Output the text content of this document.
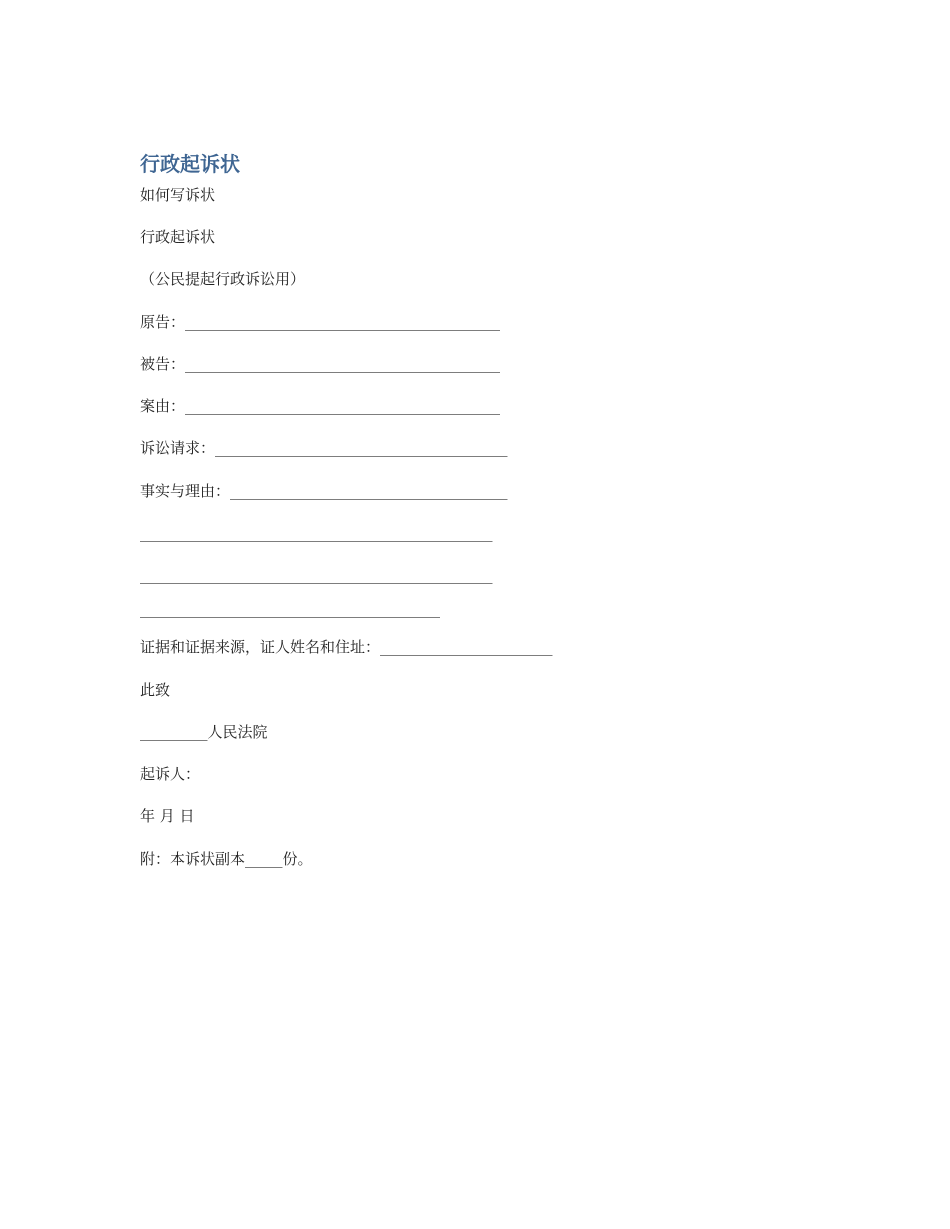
行政起诉状

如何写诉状

行政起诉状

（公民提起行政诉讼用）

原告：__________________________________________

被告：__________________________________________

案由：__________________________________________

诉讼请求：_______________________________________

事实与理由：_____________________________________

_______________________________________________

_______________________________________________

________________________________________

证据和证据来源，证人姓名和住址：_______________________

此致

_________人民法院

起诉人：

年 月 日

附：本诉状副本_____份。
